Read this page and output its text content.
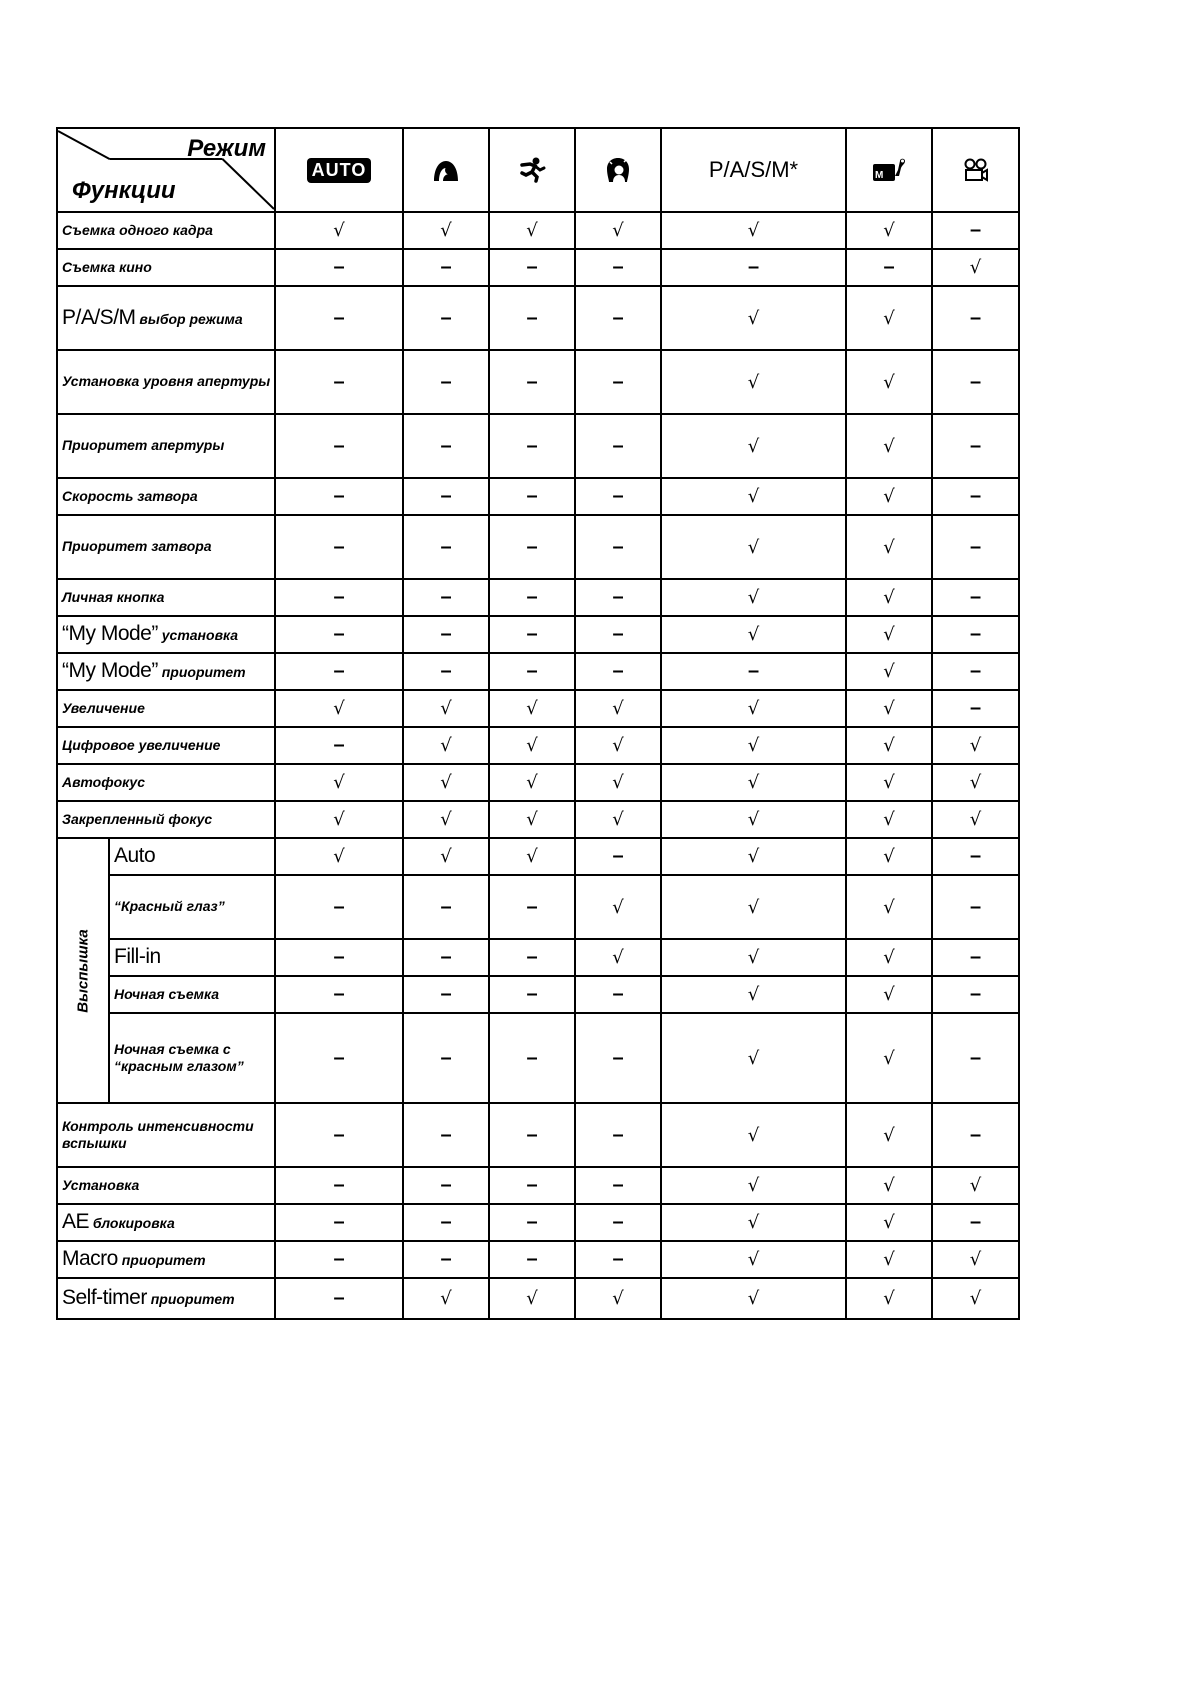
Режим
Функции		AUTO				P/A/S/M*	M

Съемка одного кадра		√	√	√	√	√	√	–
Съемка кино		–	–	–	–	–	–	√
P/A/S/M выбор режима		–	–	–	–	√	√	–
Установка уровня апертуры		–	–	–	–	√	√	–
Приоритет апертуры		–	–	–	–	√	√	–
Скорость затвора		–	–	–	–	√	√	–
Приоритет затвора		–	–	–	–	√	√	–
Личная кнопка		–	–	–	–	√	√	–
“My Mode” установка		–	–	–	–	√	√	–
“My Mode” приоритет		–	–	–	–	–	√	–
Увеличение		√	√	√	√	√	√	–
Цифровое увеличение		–	√	√	√	√	√	√
Автофокус		√	√	√	√	√	√	√
Закрепленный фокус		√	√	√	√	√	√	√

Выспышка	Auto	√	√	√	–	√	√	–
	“Красный глаз”	–	–	–	√	√	√	–
	Fill-in	–	–	–	√	√	√	–
	Ночная съемка	–	–	–	–	√	√	–
	Ночная съемка с “красным глазом”	–	–	–	–	√	√	–
Контроль интенсивности вспышки		–	–	–	–	√	√	–
Установка		–	–	–	–	√	√	√
AE блокировка		–	–	–	–	√	√	–
Macro приоритет		–	–	–	–	√	√	√
Self-timer приоритет		–	√	√	√	√	√	√
